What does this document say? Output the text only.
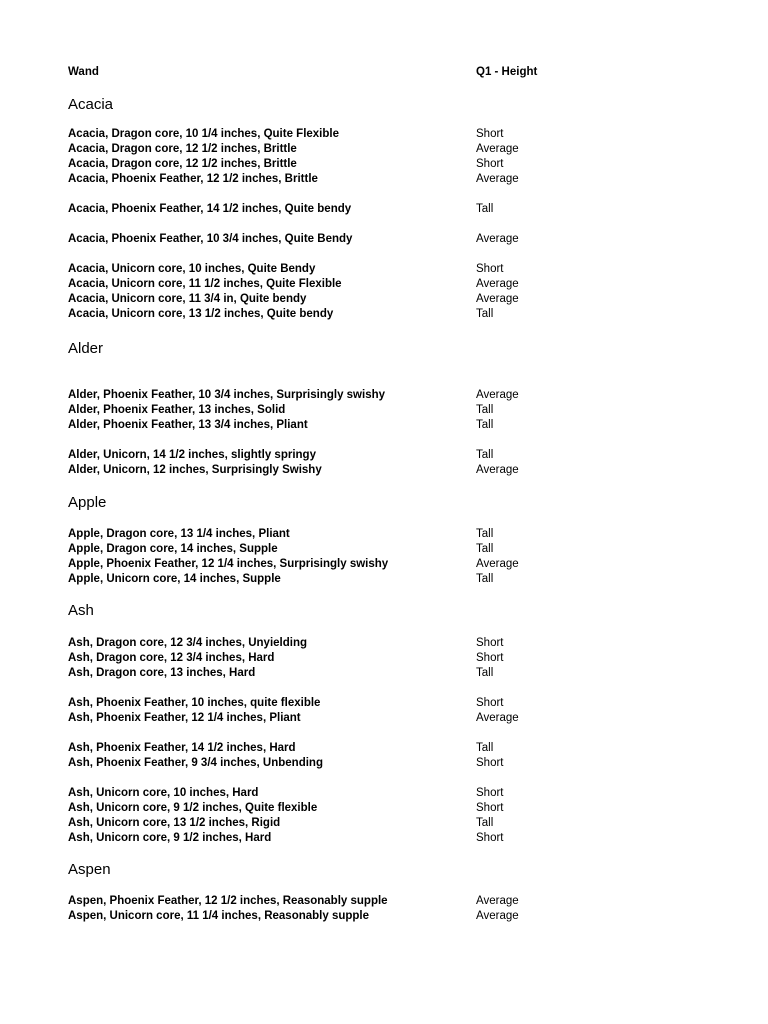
Wand	Q1 - Height
Acacia
Acacia, Dragon core, 10 1/4 inches, Quite Flexible	Short
Acacia, Dragon core, 12 1/2 inches, Brittle	Average
Acacia, Dragon core, 12 1/2 inches, Brittle	Short
Acacia, Phoenix Feather, 12 1/2 inches, Brittle	Average
Acacia, Phoenix Feather, 14 1/2 inches, Quite bendy	Tall
Acacia, Phoenix Feather, 10 3/4 inches, Quite Bendy	Average
Acacia, Unicorn core, 10 inches, Quite Bendy	Short
Acacia, Unicorn core, 11 1/2 inches, Quite Flexible	Average
Acacia, Unicorn core, 11 3/4 in, Quite bendy	Average
Acacia, Unicorn core, 13 1/2 inches, Quite bendy	Tall
Alder
Alder, Phoenix Feather, 10 3/4 inches, Surprisingly swishy	Average
Alder, Phoenix Feather, 13 inches, Solid	Tall
Alder, Phoenix Feather, 13 3/4 inches, Pliant	Tall
Alder, Unicorn, 14 1/2 inches, slightly springy	Tall
Alder, Unicorn, 12 inches, Surprisingly Swishy	Average
Apple
Apple, Dragon core, 13 1/4 inches, Pliant	Tall
Apple, Dragon core, 14 inches, Supple	Tall
Apple, Phoenix Feather, 12 1/4 inches, Surprisingly swishy	Average
Apple, Unicorn core, 14 inches, Supple	Tall
Ash
Ash, Dragon core, 12 3/4 inches, Unyielding	Short
Ash, Dragon core, 12 3/4 inches, Hard	Short
Ash, Dragon core, 13 inches, Hard	Tall
Ash, Phoenix Feather, 10 inches, quite flexible	Short
Ash, Phoenix Feather, 12 1/4 inches, Pliant	Average
Ash, Phoenix Feather, 14 1/2 inches, Hard	Tall
Ash, Phoenix Feather, 9 3/4 inches, Unbending	Short
Ash, Unicorn core, 10 inches, Hard	Short
Ash, Unicorn core, 9 1/2 inches, Quite flexible	Short
Ash, Unicorn core, 13 1/2 inches, Rigid	Tall
Ash, Unicorn core, 9 1/2 inches, Hard	Short
Aspen
Aspen, Phoenix Feather, 12 1/2 inches, Reasonably supple	Average
Aspen, Unicorn core, 11 1/4 inches, Reasonably supple	Average
